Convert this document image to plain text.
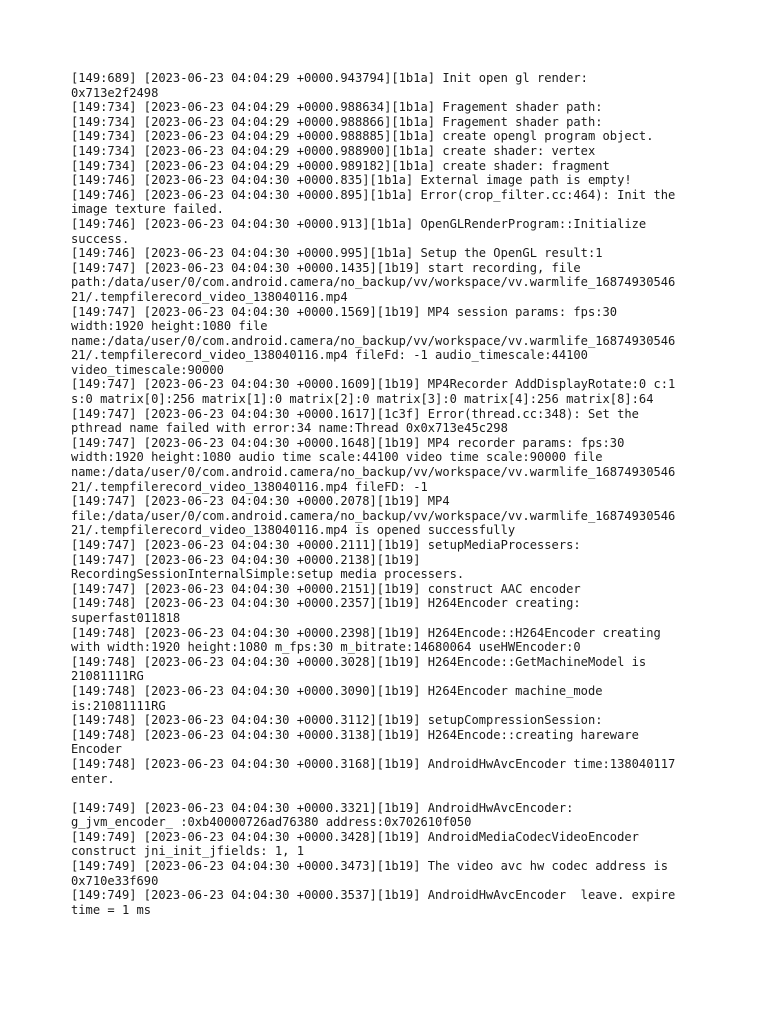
[149:689] [2023-06-23 04:04:29 +0000.943794][1b1a] Init open gl render:
0x713e2f2498
[149:734] [2023-06-23 04:04:29 +0000.988634][1b1a] Fragement shader path:
[149:734] [2023-06-23 04:04:29 +0000.988866][1b1a] Fragement shader path:
[149:734] [2023-06-23 04:04:29 +0000.988885][1b1a] create opengl program object.
[149:734] [2023-06-23 04:04:29 +0000.988900][1b1a] create shader: vertex
[149:734] [2023-06-23 04:04:29 +0000.989182][1b1a] create shader: fragment
[149:746] [2023-06-23 04:04:30 +0000.835][1b1a] External image path is empty!
[149:746] [2023-06-23 04:04:30 +0000.895][1b1a] Error(crop_filter.cc:464): Init the
image texture failed.
[149:746] [2023-06-23 04:04:30 +0000.913][1b1a] OpenGLRenderProgram::Initialize
success.
[149:746] [2023-06-23 04:04:30 +0000.995][1b1a] Setup the OpenGL result:1
[149:747] [2023-06-23 04:04:30 +0000.1435][1b19] start recording, file
path:/data/user/0/com.android.camera/no_backup/vv/workspace/vv.warmlife_16874930546
21/.tempfilerecord_video_138040116.mp4
[149:747] [2023-06-23 04:04:30 +0000.1569][1b19] MP4 session params: fps:30
width:1920 height:1080 file
name:/data/user/0/com.android.camera/no_backup/vv/workspace/vv.warmlife_16874930546
21/.tempfilerecord_video_138040116.mp4 fileFd: -1 audio_timescale:44100
video_timescale:90000
[149:747] [2023-06-23 04:04:30 +0000.1609][1b19] MP4Recorder AddDisplayRotate:0 c:1
s:0 matrix[0]:256 matrix[1]:0 matrix[2]:0 matrix[3]:0 matrix[4]:256 matrix[8]:64
[149:747] [2023-06-23 04:04:30 +0000.1617][1c3f] Error(thread.cc:348): Set the
pthread name failed with error:34 name:Thread 0x0x713e45c298
[149:747] [2023-06-23 04:04:30 +0000.1648][1b19] MP4 recorder params: fps:30
width:1920 height:1080 audio time scale:44100 video time scale:90000 file
name:/data/user/0/com.android.camera/no_backup/vv/workspace/vv.warmlife_16874930546
21/.tempfilerecord_video_138040116.mp4 fileFD: -1
[149:747] [2023-06-23 04:04:30 +0000.2078][1b19] MP4
file:/data/user/0/com.android.camera/no_backup/vv/workspace/vv.warmlife_16874930546
21/.tempfilerecord_video_138040116.mp4 is opened successfully
[149:747] [2023-06-23 04:04:30 +0000.2111][1b19] setupMediaProcessers:
[149:747] [2023-06-23 04:04:30 +0000.2138][1b19]
RecordingSessionInternalSimple:setup media processers.
[149:747] [2023-06-23 04:04:30 +0000.2151][1b19] construct AAC encoder
[149:748] [2023-06-23 04:04:30 +0000.2357][1b19] H264Encoder creating:
superfast011818
[149:748] [2023-06-23 04:04:30 +0000.2398][1b19] H264Encode::H264Encoder creating
with width:1920 height:1080 m_fps:30 m_bitrate:14680064 useHWEncoder:0
[149:748] [2023-06-23 04:04:30 +0000.3028][1b19] H264Encode::GetMachineModel is
21081111RG
[149:748] [2023-06-23 04:04:30 +0000.3090][1b19] H264Encoder machine_mode
is:21081111RG
[149:748] [2023-06-23 04:04:30 +0000.3112][1b19] setupCompressionSession:
[149:748] [2023-06-23 04:04:30 +0000.3138][1b19] H264Encode::creating hareware
Encoder
[149:748] [2023-06-23 04:04:30 +0000.3168][1b19] AndroidHwAvcEncoder time:138040117
enter.
[149:749] [2023-06-23 04:04:30 +0000.3321][1b19] AndroidHwAvcEncoder:
g_jvm_encoder_ :0xb40000726ad76380 address:0x702610f050
[149:749] [2023-06-23 04:04:30 +0000.3428][1b19] AndroidMediaCodecVideoEncoder
construct jni_init_jfields: 1, 1
[149:749] [2023-06-23 04:04:30 +0000.3473][1b19] The video avc hw codec address is
0x710e33f690
[149:749] [2023-06-23 04:04:30 +0000.3537][1b19] AndroidHwAvcEncoder  leave. expire
time = 1 ms
